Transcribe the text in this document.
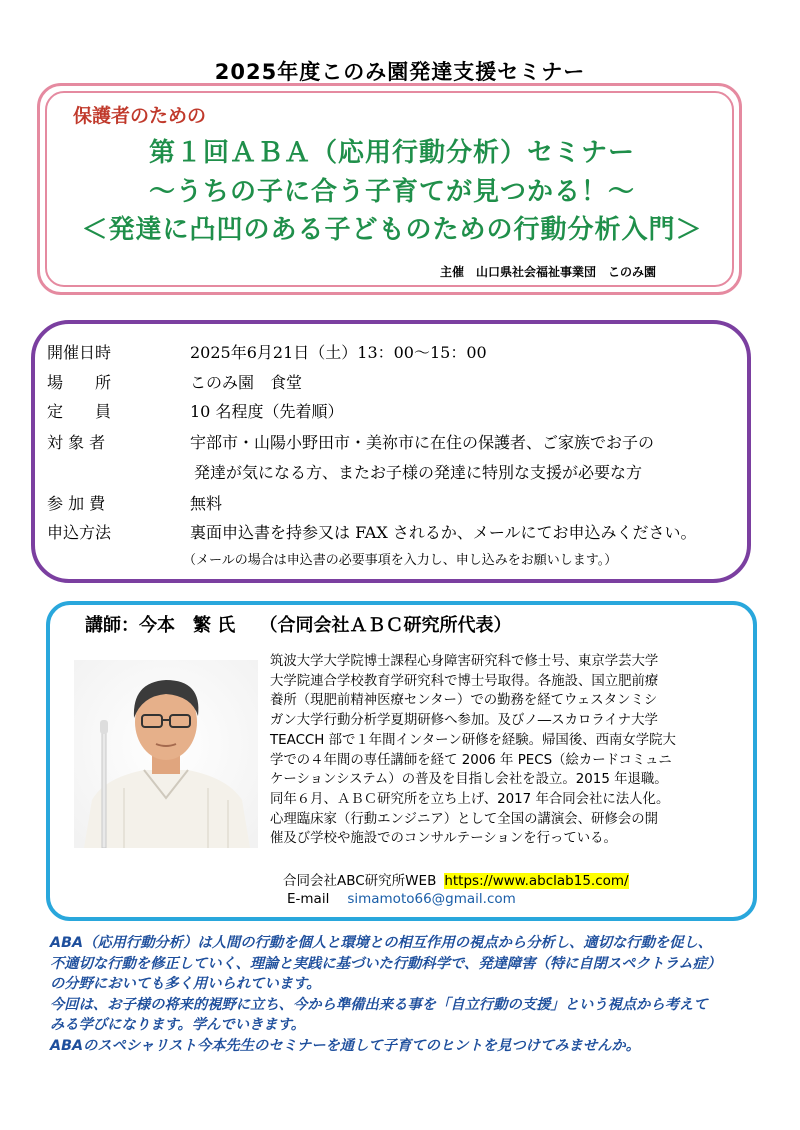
2025年度このみ園発達支援セミナー
保護者のための
第１回ＡＢＡ（応用行動分析）セミナー
～うちの子に合う子育てが見つかる！～
＜発達に凸凹のある子どものための行動分析入門＞
主催　山口県社会福祉事業団　このみ園
開催日時	2025年6月21日（土）13：00～15：00
場　　所	このみ園　食堂
定　　員	10 名程度（先着順）
対 象 者	宇部市・山陽小野田市・美祢市に在住の保護者、ご家族でお子の
発達が気になる方、またお子様の発達に特別な支援が必要な方
参 加 費	無料
申込方法	裏面申込書を持参又は FAX されるか、メールにてお申込みください。
（メールの場合は申込書の必要事項を入力し、申し込みをお願いします。）
講師：今本　繁 氏　 （合同会社ＡＢＣ研究所代表）
筑波大学大学院博士課程心身障害研究科で修士号、東京学芸大学
大学院連合学校教育学研究科で博士号取得。各施設、国立肥前療
養所（現肥前精神医療センター）での勤務を経てウェスタンミシ
ガン大学行動分析学夏期研修へ参加。及びノ―スカロライナ大学
TEACCH 部で１年間インターン研修を経験。帰国後、西南女学院大
学での４年間の専任講師を経て 2006 年 PECS（絵カードコミュニ
ケーションシステム）の普及を目指し会社を設立。2015 年退職。
同年６月、ＡＢＣ研究所を立ち上げ、2017 年合同会社に法人化。
心理臨床家（行動エンジニア）として全国の講演会、研修会の開
催及び学校や施設でのコンサルテーションを行っている。
合同会社ABC研究所WEB https://www.abclab15.com/
E-mail simamoto66@gmail.com
ABA（応用行動分析）は人間の行動を個人と環境との相互作用の視点から分析し、適切な行動を促し、
不適切な行動を修正していく、理論と実践に基づいた行動科学で、発達障害（特に自閉スペクトラム症）
の分野においても多く用いられています。
今回は、お子様の将来的視野に立ち、今から準備出来る事を「自立行動の支援」という視点から考えて
みる学びになります。学んでいきます。
ABAのスペシャリスト今本先生のセミナーを通して子育てのヒントを見つけてみませんか。
